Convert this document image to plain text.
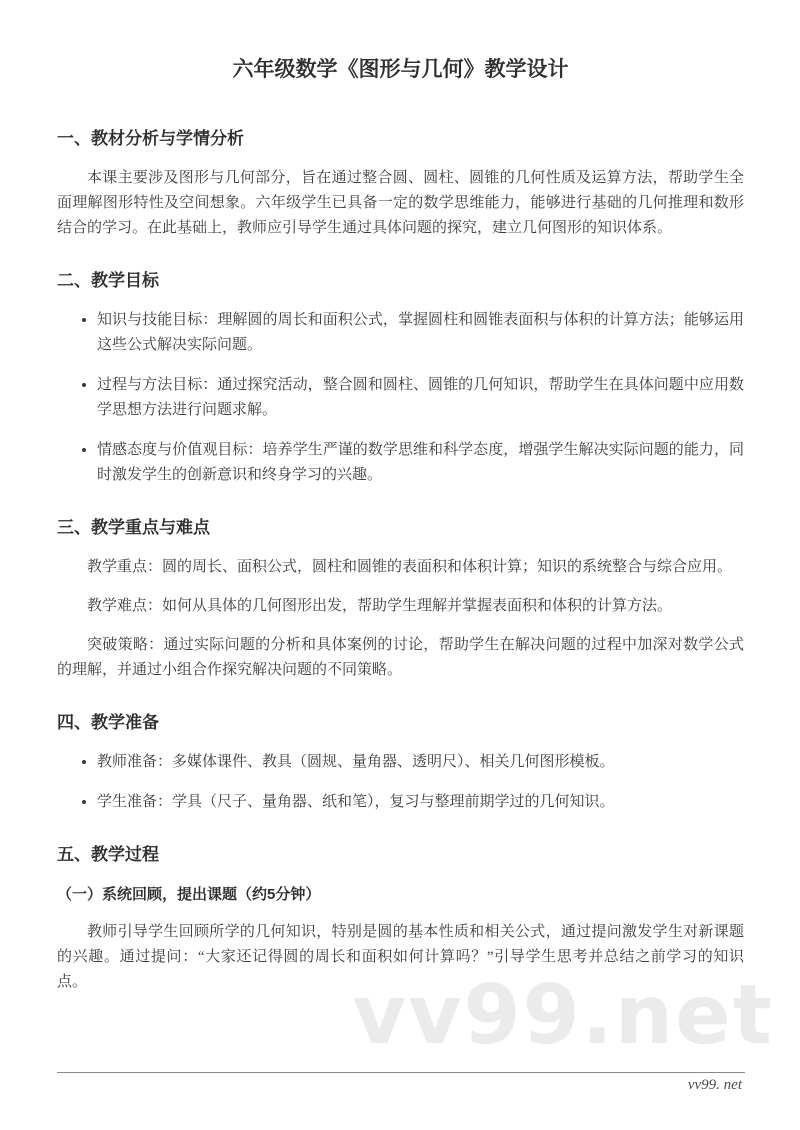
vv99.net
六年级数学《图形与几何》教学设计
一、教材分析与学情分析

本课主要涉及图形与几何部分，旨在通过整合圆、圆柱、圆锥的几何性质及运算方法，帮助学生全面理解图形特性及空间想象。六年级学生已具备一定的数学思维能力，能够进行基础的几何推理和数形结合的学习。在此基础上，教师应引导学生通过具体问题的探究，建立几何图形的知识体系。

二、教学目标
• 知识与技能目标：理解圆的周长和面积公式，掌握圆柱和圆锥表面积与体积的计算方法；能够运用这些公式解决实际问题。
• 过程与方法目标：通过探究活动，整合圆和圆柱、圆锥的几何知识，帮助学生在具体问题中应用数学思想方法进行问题求解。
• 情感态度与价值观目标：培养学生严谨的数学思维和科学态度，增强学生解决实际问题的能力，同时激发学生的创新意识和终身学习的兴趣。
三、教学重点与难点

教学重点：圆的周长、面积公式，圆柱和圆锥的表面积和体积计算；知识的系统整合与综合应用。

教学难点：如何从具体的几何图形出发，帮助学生理解并掌握表面积和体积的计算方法。

突破策略：通过实际问题的分析和具体案例的讨论，帮助学生在解决问题的过程中加深对数学公式的理解，并通过小组合作探究解决问题的不同策略。

四、教学准备
• 教师准备：多媒体课件、教具（圆规、量角器、透明尺）、相关几何图形模板。
• 学生准备：学具（尺子、量角器、纸和笔），复习与整理前期学过的几何知识。
五、教学过程
（一）系统回顾，提出课题（约5分钟）

教师引导学生回顾所学的几何知识，特别是圆的基本性质和相关公式，通过提问激发学生对新课题的兴趣。通过提问：“大家还记得圆的周长和面积如何计算吗？”引导学生思考并总结之前学习的知识点。

vv99. net
